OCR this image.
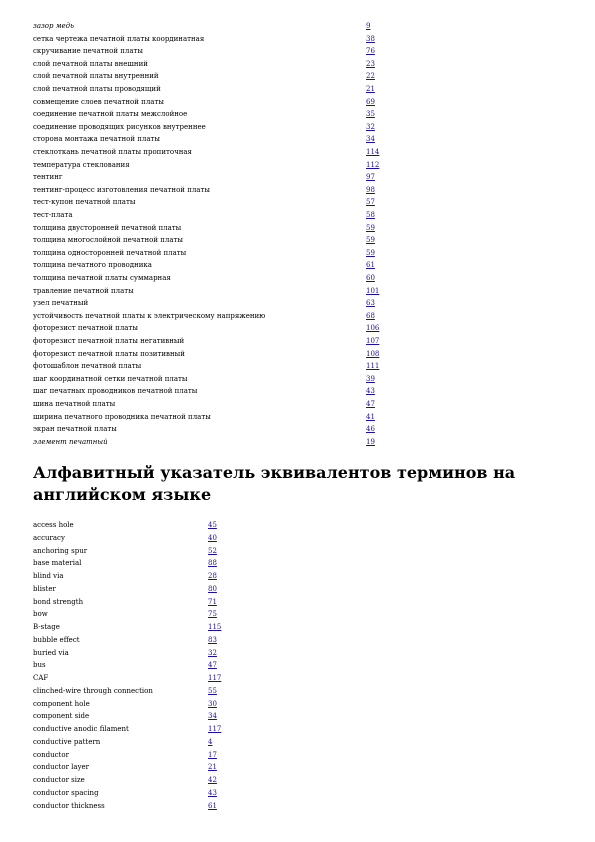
зазор медь	9
сетка чертежа печатной платы координатная	38
скручивание печатной платы	76
слой печатной платы внешний	23
слой печатной платы внутренний	22
слой печатной платы проводящий	21
совмещение слоев печатной платы	69
соединение печатной платы межслойное	35
соединение проводящих рисунков внутреннее	32
сторона монтажа печатной платы	34
стеклоткань печатной платы пропиточная	114
температура стеклования	112
тентинг	97
тентинг-процесс изготовления печатной платы	98
тест-купон печатной платы	57
тест-плата	58
толщина двусторонней печатной платы	59
толщина многослойной печатной платы	59
толщина односторонней печатной платы	59
толщина печатного проводника	61
толщина печатной платы суммарная	60
травление печатной платы	101
узел печатный	63
устойчивость печатной платы к электрическому напряжению	68
фоторезист печатной платы	106
фоторезист печатной платы негативный	107
фоторезист печатной платы позитивный	108
фотошаблон печатной платы	111
шаг координатной сетки печатной платы	39
шаг печатных проводников печатной платы	43
шина печатной платы	47
ширина печатного проводника печатной платы	41
экран печатной платы	46
элемент печатный	19
Алфавитный указатель эквивалентов терминов на английском языке
access hole	45
accuracy	40
anchoring spur	52
base material	88
blind via	28
blister	80
bond strength	71
bow	75
B-stage	115
bubble effect	83
buried via	32
bus	47
CAF	117
clinched-wire through connection	55
component hole	30
component side	34
conductive anodic filament	117
conductive pattern	4
conductor	17
conductor layer	21
conductor size	42
conductor spacing	43
conductor thickness	61
